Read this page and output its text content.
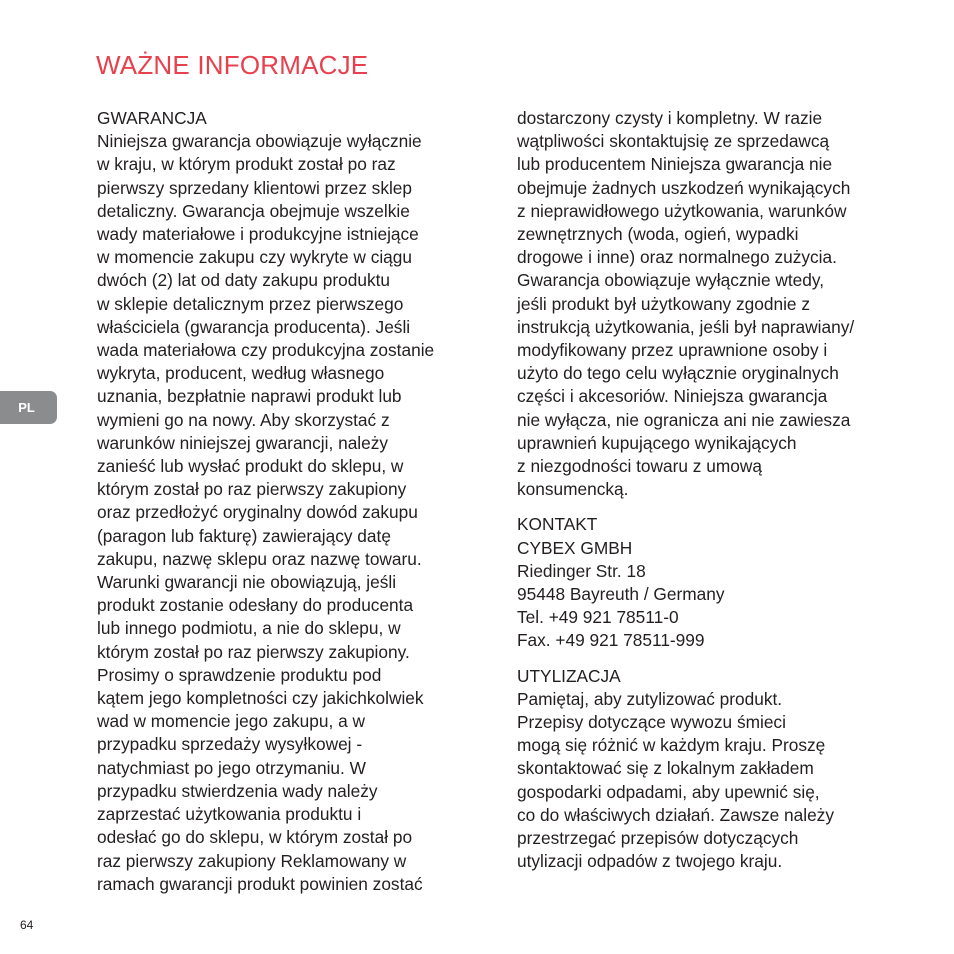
WAŻNE INFORMACJE
PL
GWARANCJA
Niniejsza gwarancja obowiązuje wyłącznie
w kraju, w którym produkt został po raz
pierwszy sprzedany klientowi przez sklep
detaliczny. Gwarancja obejmuje wszelkie
wady materiałowe i produkcyjne istniejące
w momencie zakupu czy wykryte w ciągu
dwóch (2) lat od daty zakupu produktu
w sklepie detalicznym przez pierwszego
właściciela (gwarancja producenta). Jeśli
wada materiałowa czy produkcyjna zostanie
wykryta, producent, według własnego
uznania, bezpłatnie naprawi produkt lub
wymieni go na nowy. Aby skorzystać z
warunków niniejszej gwarancji, należy
zanieść lub wysłać produkt do sklepu, w
którym został po raz pierwszy zakupiony
oraz przedłożyć oryginalny dowód zakupu
(paragon lub fakturę) zawierający datę
zakupu, nazwę sklepu oraz nazwę towaru.
Warunki gwarancji nie obowiązują, jeśli
produkt zostanie odesłany do producenta
lub innego podmiotu, a nie do sklepu, w
którym został po raz pierwszy zakupiony.
Prosimy o sprawdzenie produktu pod
kątem jego kompletności czy jakichkolwiek
wad w momencie jego zakupu, a w
przypadku sprzedaży wysyłkowej -
natychmiast po jego otrzymaniu. W
przypadku stwierdzenia wady należy
zaprzestać użytkowania produktu i
odesłać go do sklepu, w którym został po
raz pierwszy zakupiony Reklamowany w
ramach gwarancji produkt powinien zostać
dostarczony czysty i kompletny. W razie
wątpliwości skontaktujsię ze sprzedawcą
lub producentem Niniejsza gwarancja nie
obejmuje żadnych uszkodzeń wynikających
z nieprawidłowego użytkowania, warunków
zewnętrznych (woda, ogień, wypadki
drogowe i inne) oraz normalnego zużycia.
Gwarancja obowiązuje wyłącznie wtedy,
jeśli produkt był użytkowany zgodnie z
instrukcją użytkowania, jeśli był naprawiany/
modyfikowany przez uprawnione osoby i
użyto do tego celu wyłącznie oryginalnych
części i akcesoriów. Niniejsza gwarancja
nie wyłącza, nie ogranicza ani nie zawiesza
uprawnień kupującego wynikających
z niezgodności towaru z umową
konsumencką.
KONTAKT
CYBEX GMBH
Riedinger Str. 18
95448 Bayreuth / Germany
Tel. +49 921 78511-0
Fax. +49 921 78511-999
UTYLIZACJA
Pamiętaj, aby zutylizować produkt.
Przepisy dotyczące wywozu śmieci
mogą się różnić w każdym kraju. Proszę
skontaktować się z lokalnym zakładem
gospodarki odpadami, aby upewnić się,
co do właściwych działań. Zawsze należy
przestrzegać przepisów dotyczących
utylizacji odpadów z twojego kraju.
64
